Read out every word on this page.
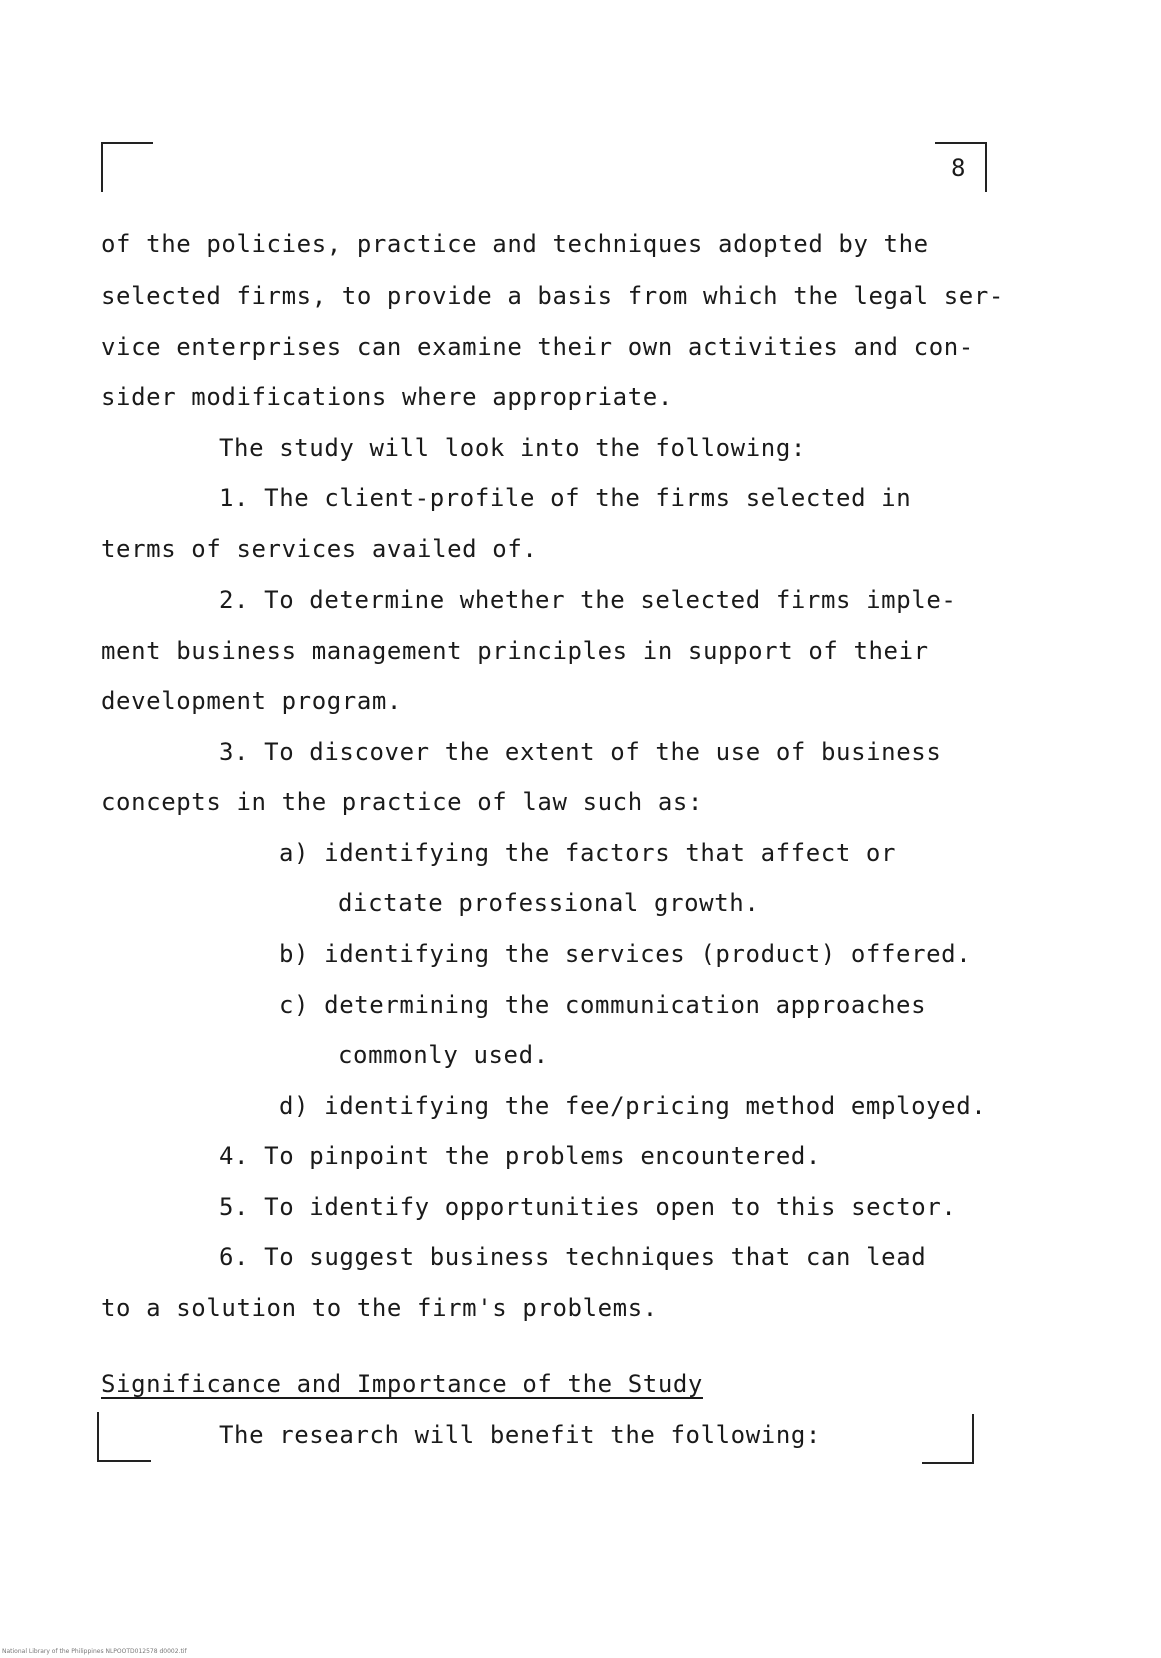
8
of the policies, practice and techniques adopted by the
selected firms, to provide a basis from which the legal ser-
vice enterprises can examine their own activities and con-
sider modifications where appropriate.
The study will look into the following:
1. The client-profile of the firms selected in
terms of services availed of.
2. To determine whether the selected firms imple-
ment business management principles in support of their
development program.
3. To discover the extent of the use of business
concepts in the practice of law such as:
a) identifying the factors that affect or
dictate professional growth.
b) identifying the services (product) offered.
c) determining the communication approaches
commonly used.
d) identifying the fee/pricing method employed.
4. To pinpoint the problems encountered.
5. To identify opportunities open to this sector.
6. To suggest business techniques that can lead
to a solution to the firm's problems.
Significance and Importance of the Study
The research will benefit the following:
National Library of the Philippines NLPOOTD012578 d0002.tif
